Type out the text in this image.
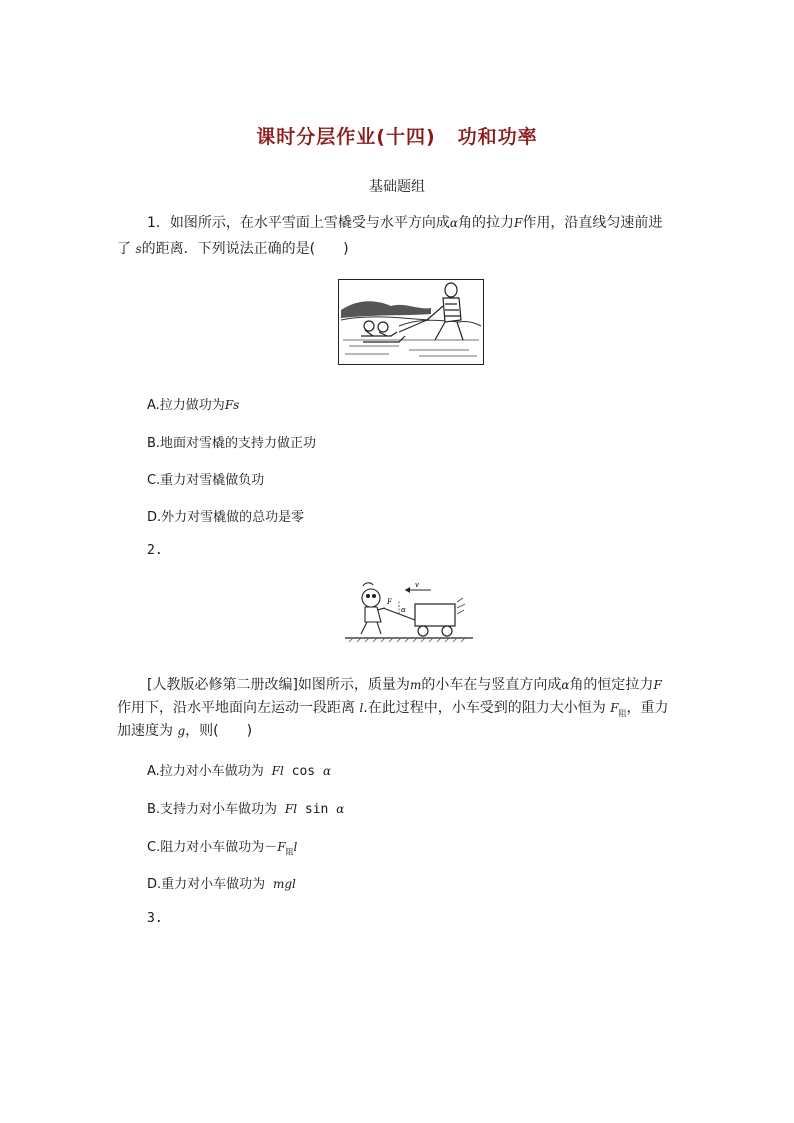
课时分层作业(十四) 功和功率
基础题组
1．如图所示，在水平雪面上雪橇受与水平方向成α角的拉力F作用，沿直线匀速前进
了 s的距离．下列说法正确的是(　　)
A.拉力做功为Fs
B.地面对雪橇的支持力做正功
C.重力对雪橇做负功
D.外力对雪橇做的总功是零
2.
v
F
α
[人教版必修第二册改编]如图所示，质量为m的小车在与竖直方向成α角的恒定拉力F
作用下，沿水平地面向左运动一段距离 l.在此过程中，小车受到的阻力大小恒为 $F_阻$，重力
加速度为 g，则(　　)
A.拉力对小车做功为 Fl cos α
B.支持力对小车做功为 Fl sin α
C.阻力对小车做功为$-F_阻l$
D.重力对小车做功为 mgl
3.
